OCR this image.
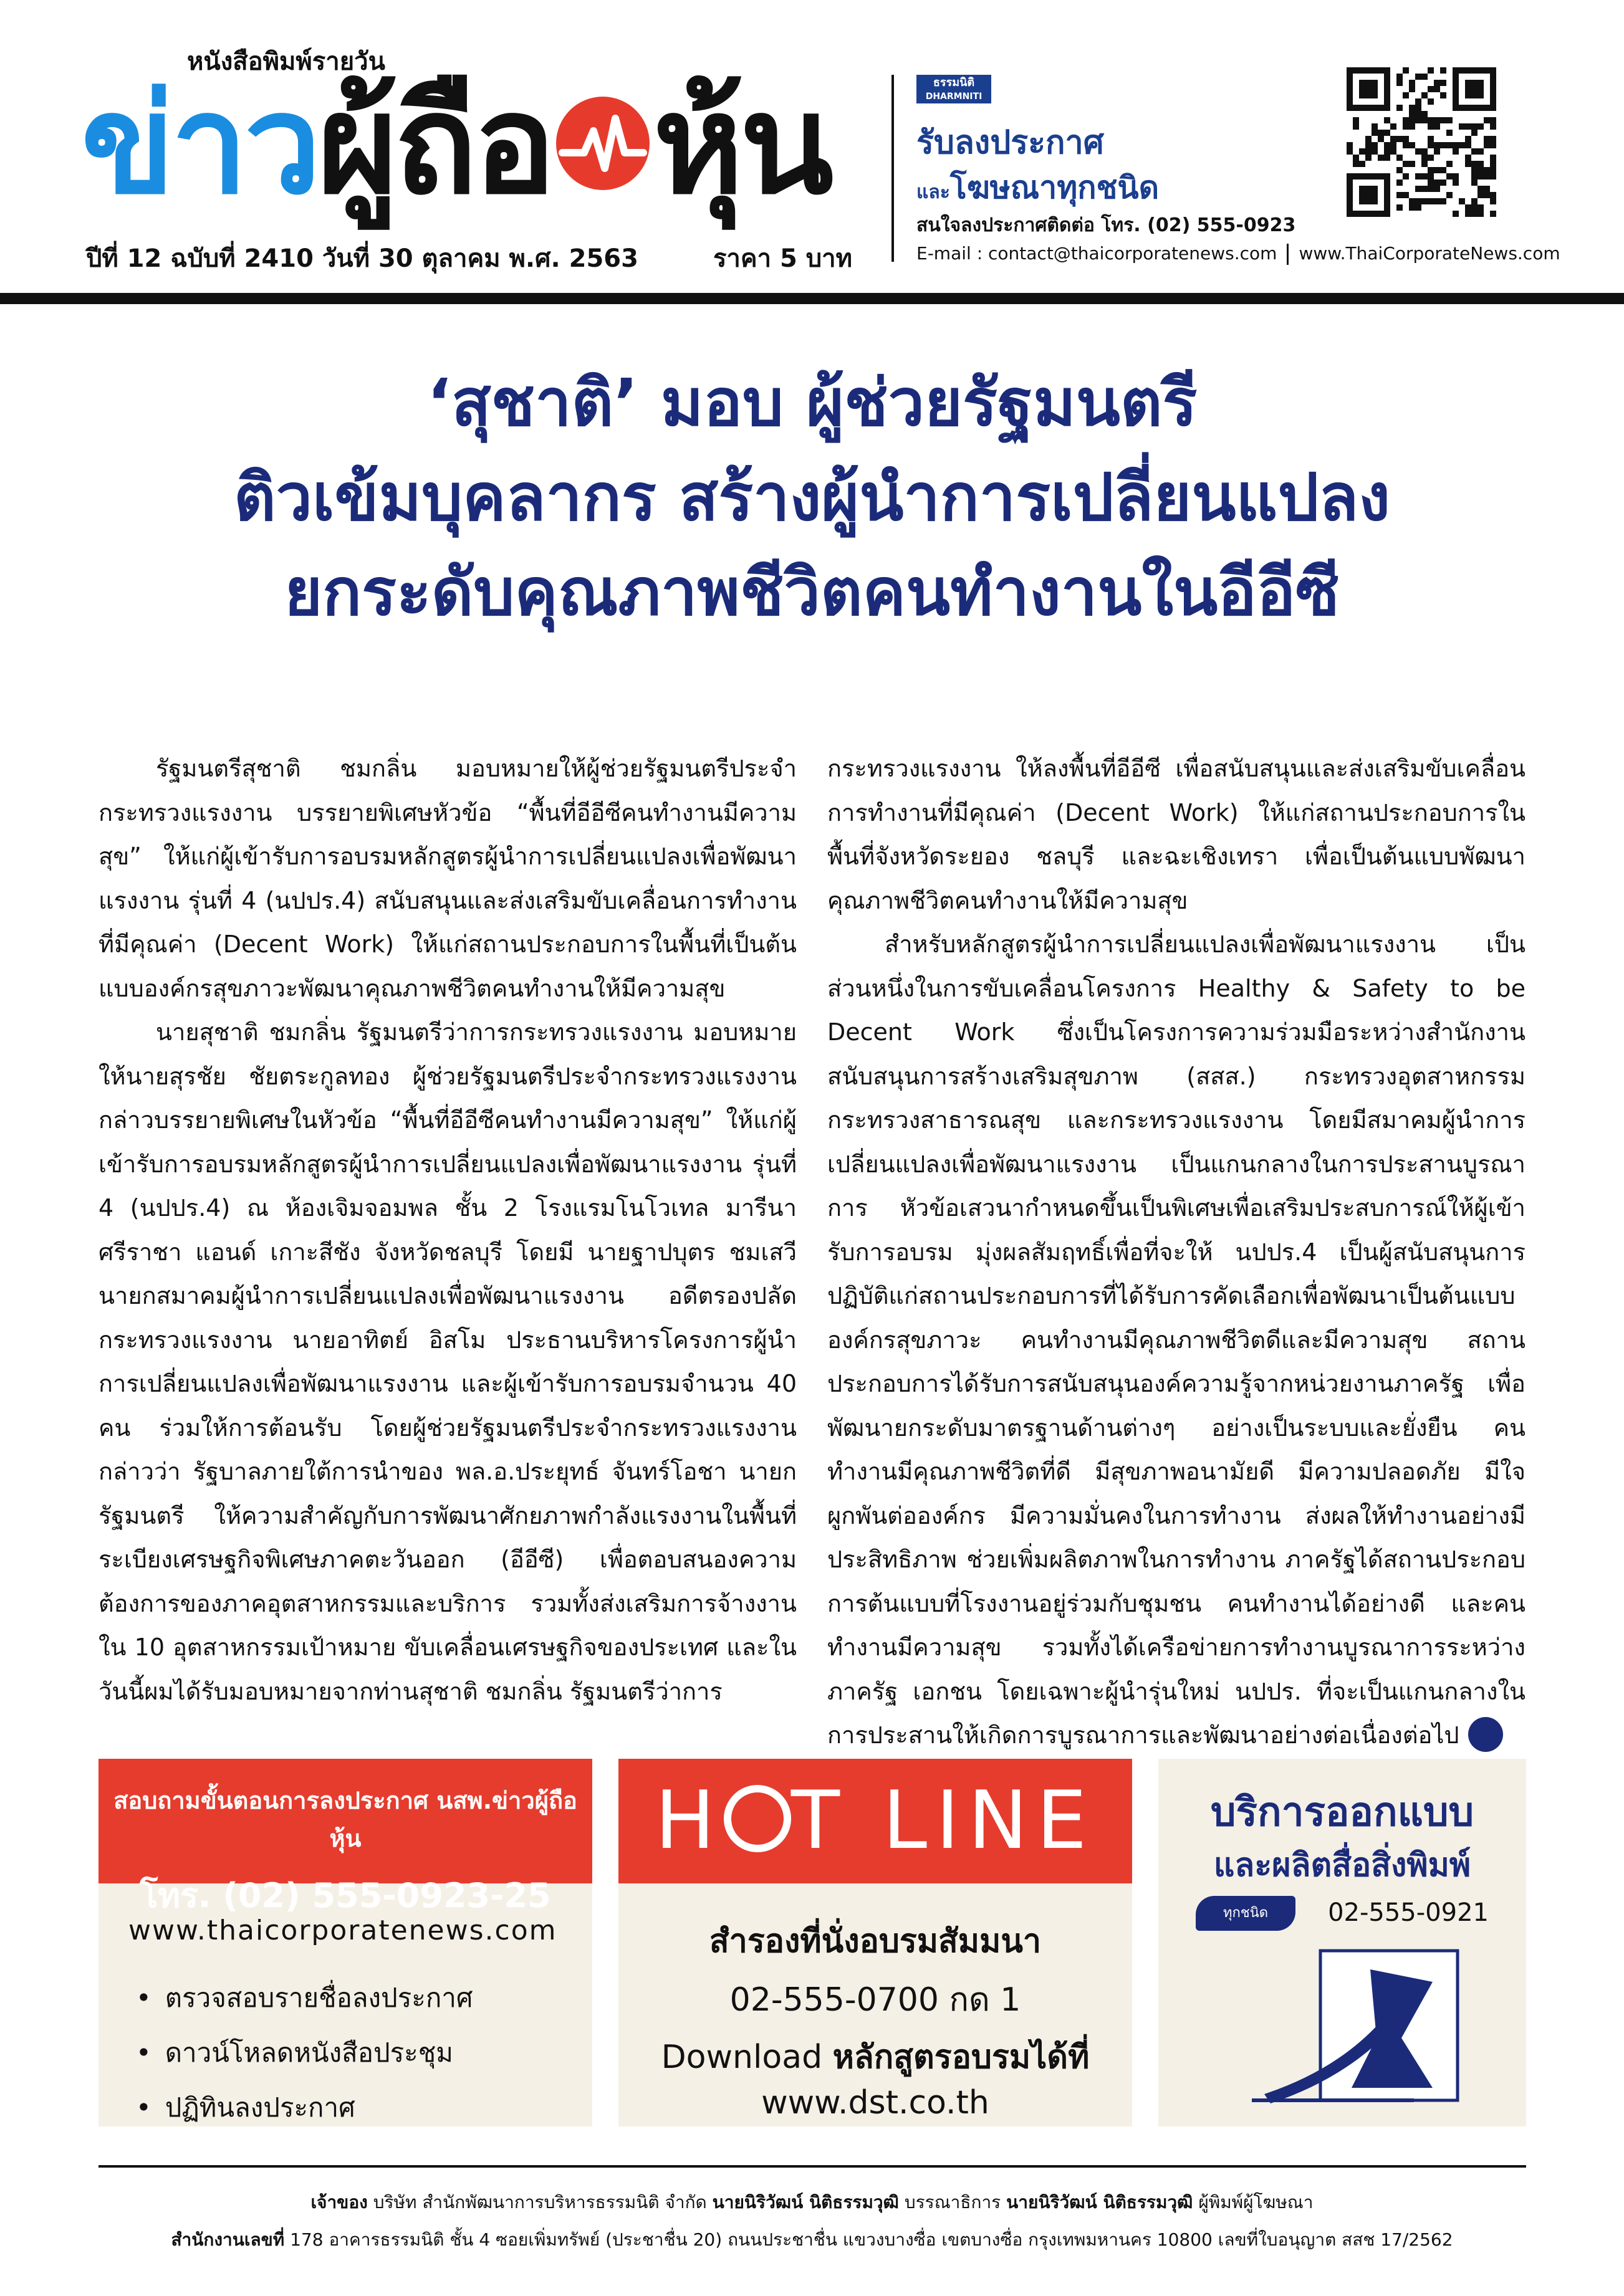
หนังสือพิมพ์รายวัน
ข่าวผู้ถือ หุ้น
ปีที่ 12 ฉบับที่ 2410 วันที่ 30 ตุลาคม พ.ศ. 2563	ราคา 5 บาท
ธรรมนิติ
DHARMNITI
รับลงประกาศ
และโฆษณาทุกชนิด
สนใจลงประกาศติดต่อ โทร. (02) 555-0923
E-mail : contact@thaicorporatenews.com www.ThaiCorporateNews.com
‘สุชาติ’ มอบ ผู้ช่วยรัฐมนตรี
ติวเข้มบุคลากร สร้างผู้นำการเปลี่ยนแปลง
ยกระดับคุณภาพชีวิตคนทำงานในอีอีซี

รัฐมนตรีสุชาติ ชมกลิ่น มอบหมายให้ผู้ช่วยรัฐมนตรีประจำกระทรวงแรงงาน บรรยายพิเศษหัวข้อ “พื้นที่อีอีซีคนทำงานมีความสุข” ให้แก่ผู้เข้ารับการอบรมหลักสูตรผู้นำการเปลี่ยนแปลงเพื่อพัฒนาแรงงาน รุ่นที่ 4 (นปปร.4) สนับสนุนและส่งเสริมขับเคลื่อนการทำงานที่มีคุณค่า (Decent Work) ให้แก่สถานประกอบการในพื้นที่เป็นต้นแบบองค์กรสุขภาวะพัฒนาคุณภาพชีวิตคนทำงานให้มีความสุข

นายสุชาติ ชมกลิ่น รัฐมนตรีว่าการกระทรวงแรงงาน มอบหมายให้นายสุรชัย ชัยตระกูลทอง ผู้ช่วยรัฐมนตรีประจำกระทรวงแรงงาน กล่าวบรรยายพิเศษในหัวข้อ “พื้นที่อีอีซีคนทำงานมีความสุข” ให้แก่ผู้เข้ารับการอบรมหลักสูตรผู้นำการเปลี่ยนแปลงเพื่อพัฒนาแรงงาน รุ่นที่ 4 (นปปร.4) ณ ห้องเจิมจอมพล ชั้น 2 โรงแรมโนโวเทล มารีนา ศรีราชา แอนด์ เกาะสีชัง จังหวัดชลบุรี โดยมี นายฐาปบุตร ชมเสวี นายกสมาคมผู้นำการเปลี่ยนแปลงเพื่อพัฒนาแรงงาน อดีตรองปลัดกระทรวงแรงงาน นายอาทิตย์ อิสโม ประธานบริหารโครงการผู้นำการเปลี่ยนแปลงเพื่อพัฒนาแรงงาน และผู้เข้ารับการอบรมจำนวน 40 คน ร่วมให้การต้อนรับ โดยผู้ช่วยรัฐมนตรีประจำกระทรวงแรงงาน กล่าวว่า รัฐบาลภายใต้การนำของ พล.อ.ประยุทธ์ จันทร์โอชา นายกรัฐมนตรี ให้ความสำคัญกับการพัฒนาศักยภาพกำลังแรงงานในพื้นที่ระเบียงเศรษฐกิจพิเศษภาคตะวันออก (อีอีซี) เพื่อตอบสนองความต้องการของภาคอุตสาหกรรมและบริการ รวมทั้งส่งเสริมการจ้างงานใน 10 อุตสาหกรรมเป้าหมาย ขับเคลื่อนเศรษฐกิจของประเทศ และในวันนี้ผมได้รับมอบหมายจากท่านสุชาติ ชมกลิ่น รัฐมนตรีว่าการ

กระทรวงแรงงาน ให้ลงพื้นที่อีอีซี เพื่อสนับสนุนและส่งเสริมขับเคลื่อนการทำงานที่มีคุณค่า (Decent Work) ให้แก่สถานประกอบการในพื้นที่จังหวัดระยอง ชลบุรี และฉะเชิงเทรา เพื่อเป็นต้นแบบพัฒนาคุณภาพชีวิตคนทำงานให้มีความสุข

สำหรับหลักสูตรผู้นำการเปลี่ยนแปลงเพื่อพัฒนาแรงงาน เป็นส่วนหนึ่งในการขับเคลื่อนโครงการ Healthy & Safety to be Decent Work ซึ่งเป็นโครงการความร่วมมือระหว่างสำนักงานสนับสนุนการสร้างเสริมสุขภาพ (สสส.) กระทรวงอุตสาหกรรม กระทรวงสาธารณสุข และกระทรวงแรงงาน โดยมีสมาคมผู้นำการเปลี่ยนแปลงเพื่อพัฒนาแรงงาน เป็นแกนกลางในการประสานบูรณาการ หัวข้อเสวนากำหนดขึ้นเป็นพิเศษเพื่อเสริมประสบการณ์ให้ผู้เข้ารับการอบรม มุ่งผลสัมฤทธิ์เพื่อที่จะให้ นปปร.4 เป็นผู้สนับสนุนการปฏิบัติแก่สถานประกอบการที่ได้รับการคัดเลือกเพื่อพัฒนาเป็นต้นแบบองค์กรสุขภาวะ คนทำงานมีคุณภาพชีวิตดีและมีความสุข สถานประกอบการได้รับการสนับสนุนองค์ความรู้จากหน่วยงานภาครัฐ เพื่อพัฒนายกระดับมาตรฐานด้านต่างๆ อย่างเป็นระบบและยั่งยืน คนทำงานมีคุณภาพชีวิตที่ดี มีสุขภาพอนามัยดี มีความปลอดภัย มีใจผูกพันต่อองค์กร มีความมั่นคงในการทำงาน ส่งผลให้ทำงานอย่างมีประสิทธิภาพ ช่วยเพิ่มผลิตภาพในการทำงาน ภาครัฐได้สถานประกอบการต้นแบบที่โรงงานอยู่ร่วมกับชุมชน คนทำงานได้อย่างดี และคนทำงานมีความสุข รวมทั้งได้เครือข่ายการทำงานบูรณาการระหว่างภาครัฐ เอกชน โดยเฉพาะผู้นำรุ่นใหม่ นปปร. ที่จะเป็นแกนกลางในการประสานให้เกิดการบูรณาการและพัฒนาอย่างต่อเนื่องต่อไป

สอบถามขั้นตอนการลงประกาศ นสพ.ข่าวผู้ถือหุ้น
โทร. (02) 555-0923-25
www.thaicorporatenews.com
• ตรวจสอบรายชื่อลงประกาศ
• ดาวน์โหลดหนังสือประชุม
• ปฏิทินลงประกาศ
H T LINE
สำรองที่นั่งอบรมสัมมนา
02-555-0700 กด 1
Download หลักสูตรอบรมได้ที่
www.dst.co.th
บริการออกแบบ
และผลิตสื่อสิ่งพิมพ์
ทุกชนิด	02-555-0921
เจ้าของ บริษัท สำนักพัฒนาการบริหารธรรมนิติ จำกัด นายนิริวัฒน์ นิติธรรมวุฒิ บรรณาธิการ นายนิริวัฒน์ นิติธรรมวุฒิ ผู้พิมพ์ผู้โฆษณา
สำนักงานเลขที่ 178 อาคารธรรมนิติ ชั้น 4 ซอยเพิ่มทรัพย์ (ประชาชื่น 20) ถนนประชาชื่น แขวงบางซื่อ เขตบางซื่อ กรุงเทพมหานคร 10800 เลขที่ใบอนุญาต สสช 17/2562
